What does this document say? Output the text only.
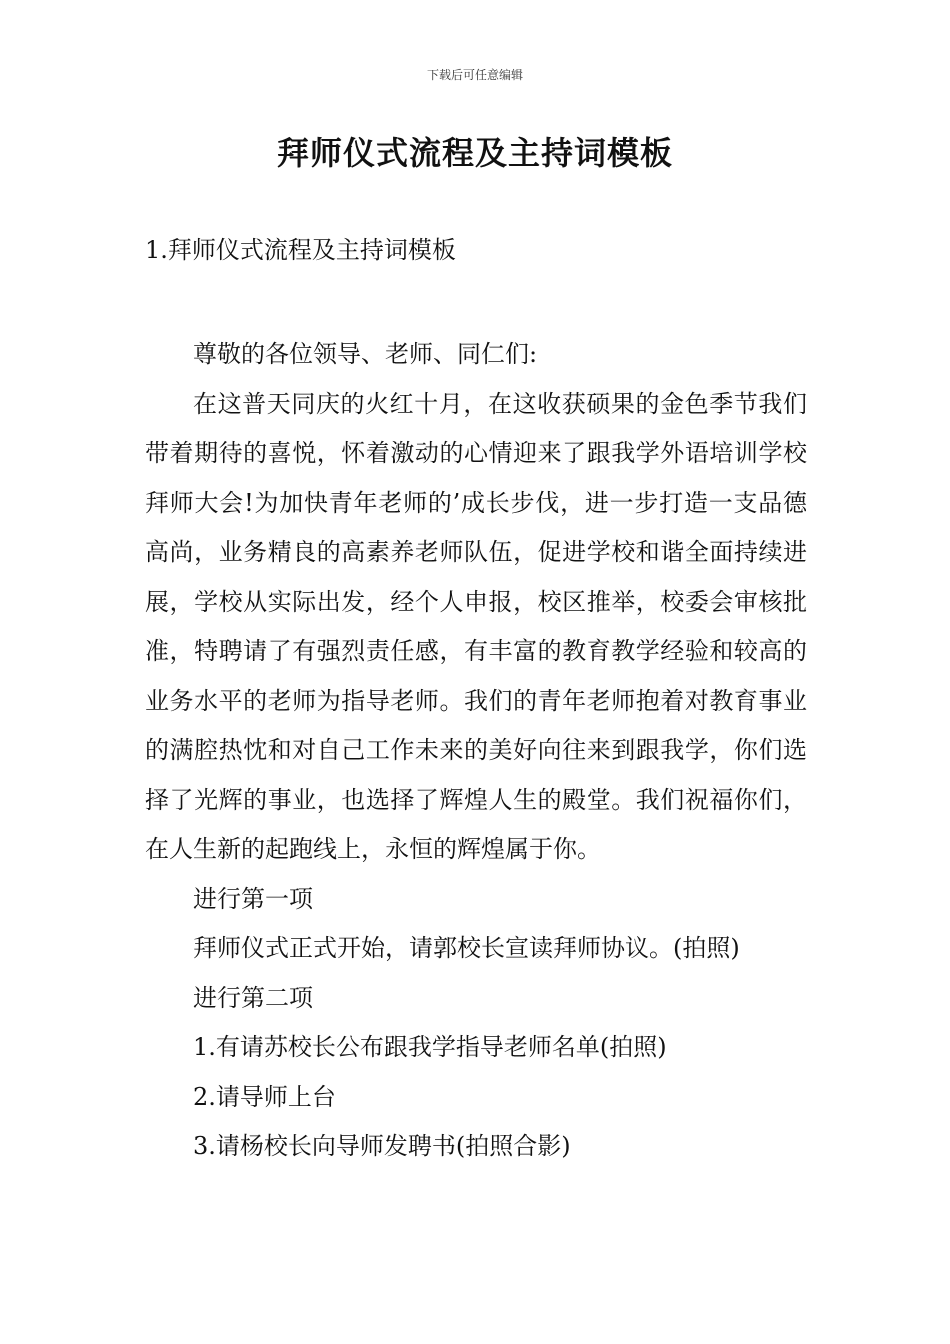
下载后可任意编辑
拜师仪式流程及主持词模板
1.拜师仪式流程及主持词模板

尊敬的各位领导、老师、同仁们:

在这普天同庆的火红十月，在这收获硕果的金色季节我们带着期待的喜悦，怀着激动的心情迎来了跟我学外语培训学校拜师大会!为加快青年老师的’成长步伐，进一步打造一支品德高尚，业务精良的高素养老师队伍，促进学校和谐全面持续进展，学校从实际出发，经个人申报，校区推举，校委会审核批准，特聘请了有强烈责任感，有丰富的教育教学经验和较高的业务水平的老师为指导老师。我们的青年老师抱着对教育事业的满腔热忱和对自己工作未来的美好向往来到跟我学，你们选择了光辉的事业，也选择了辉煌人生的殿堂。我们祝福你们，在人生新的起跑线上，永恒的辉煌属于你。

进行第一项

拜师仪式正式开始，请郭校长宣读拜师协议。(拍照)

进行第二项

1.有请苏校长公布跟我学指导老师名单(拍照)

2.请导师上台

3.请杨校长向导师发聘书(拍照合影)
